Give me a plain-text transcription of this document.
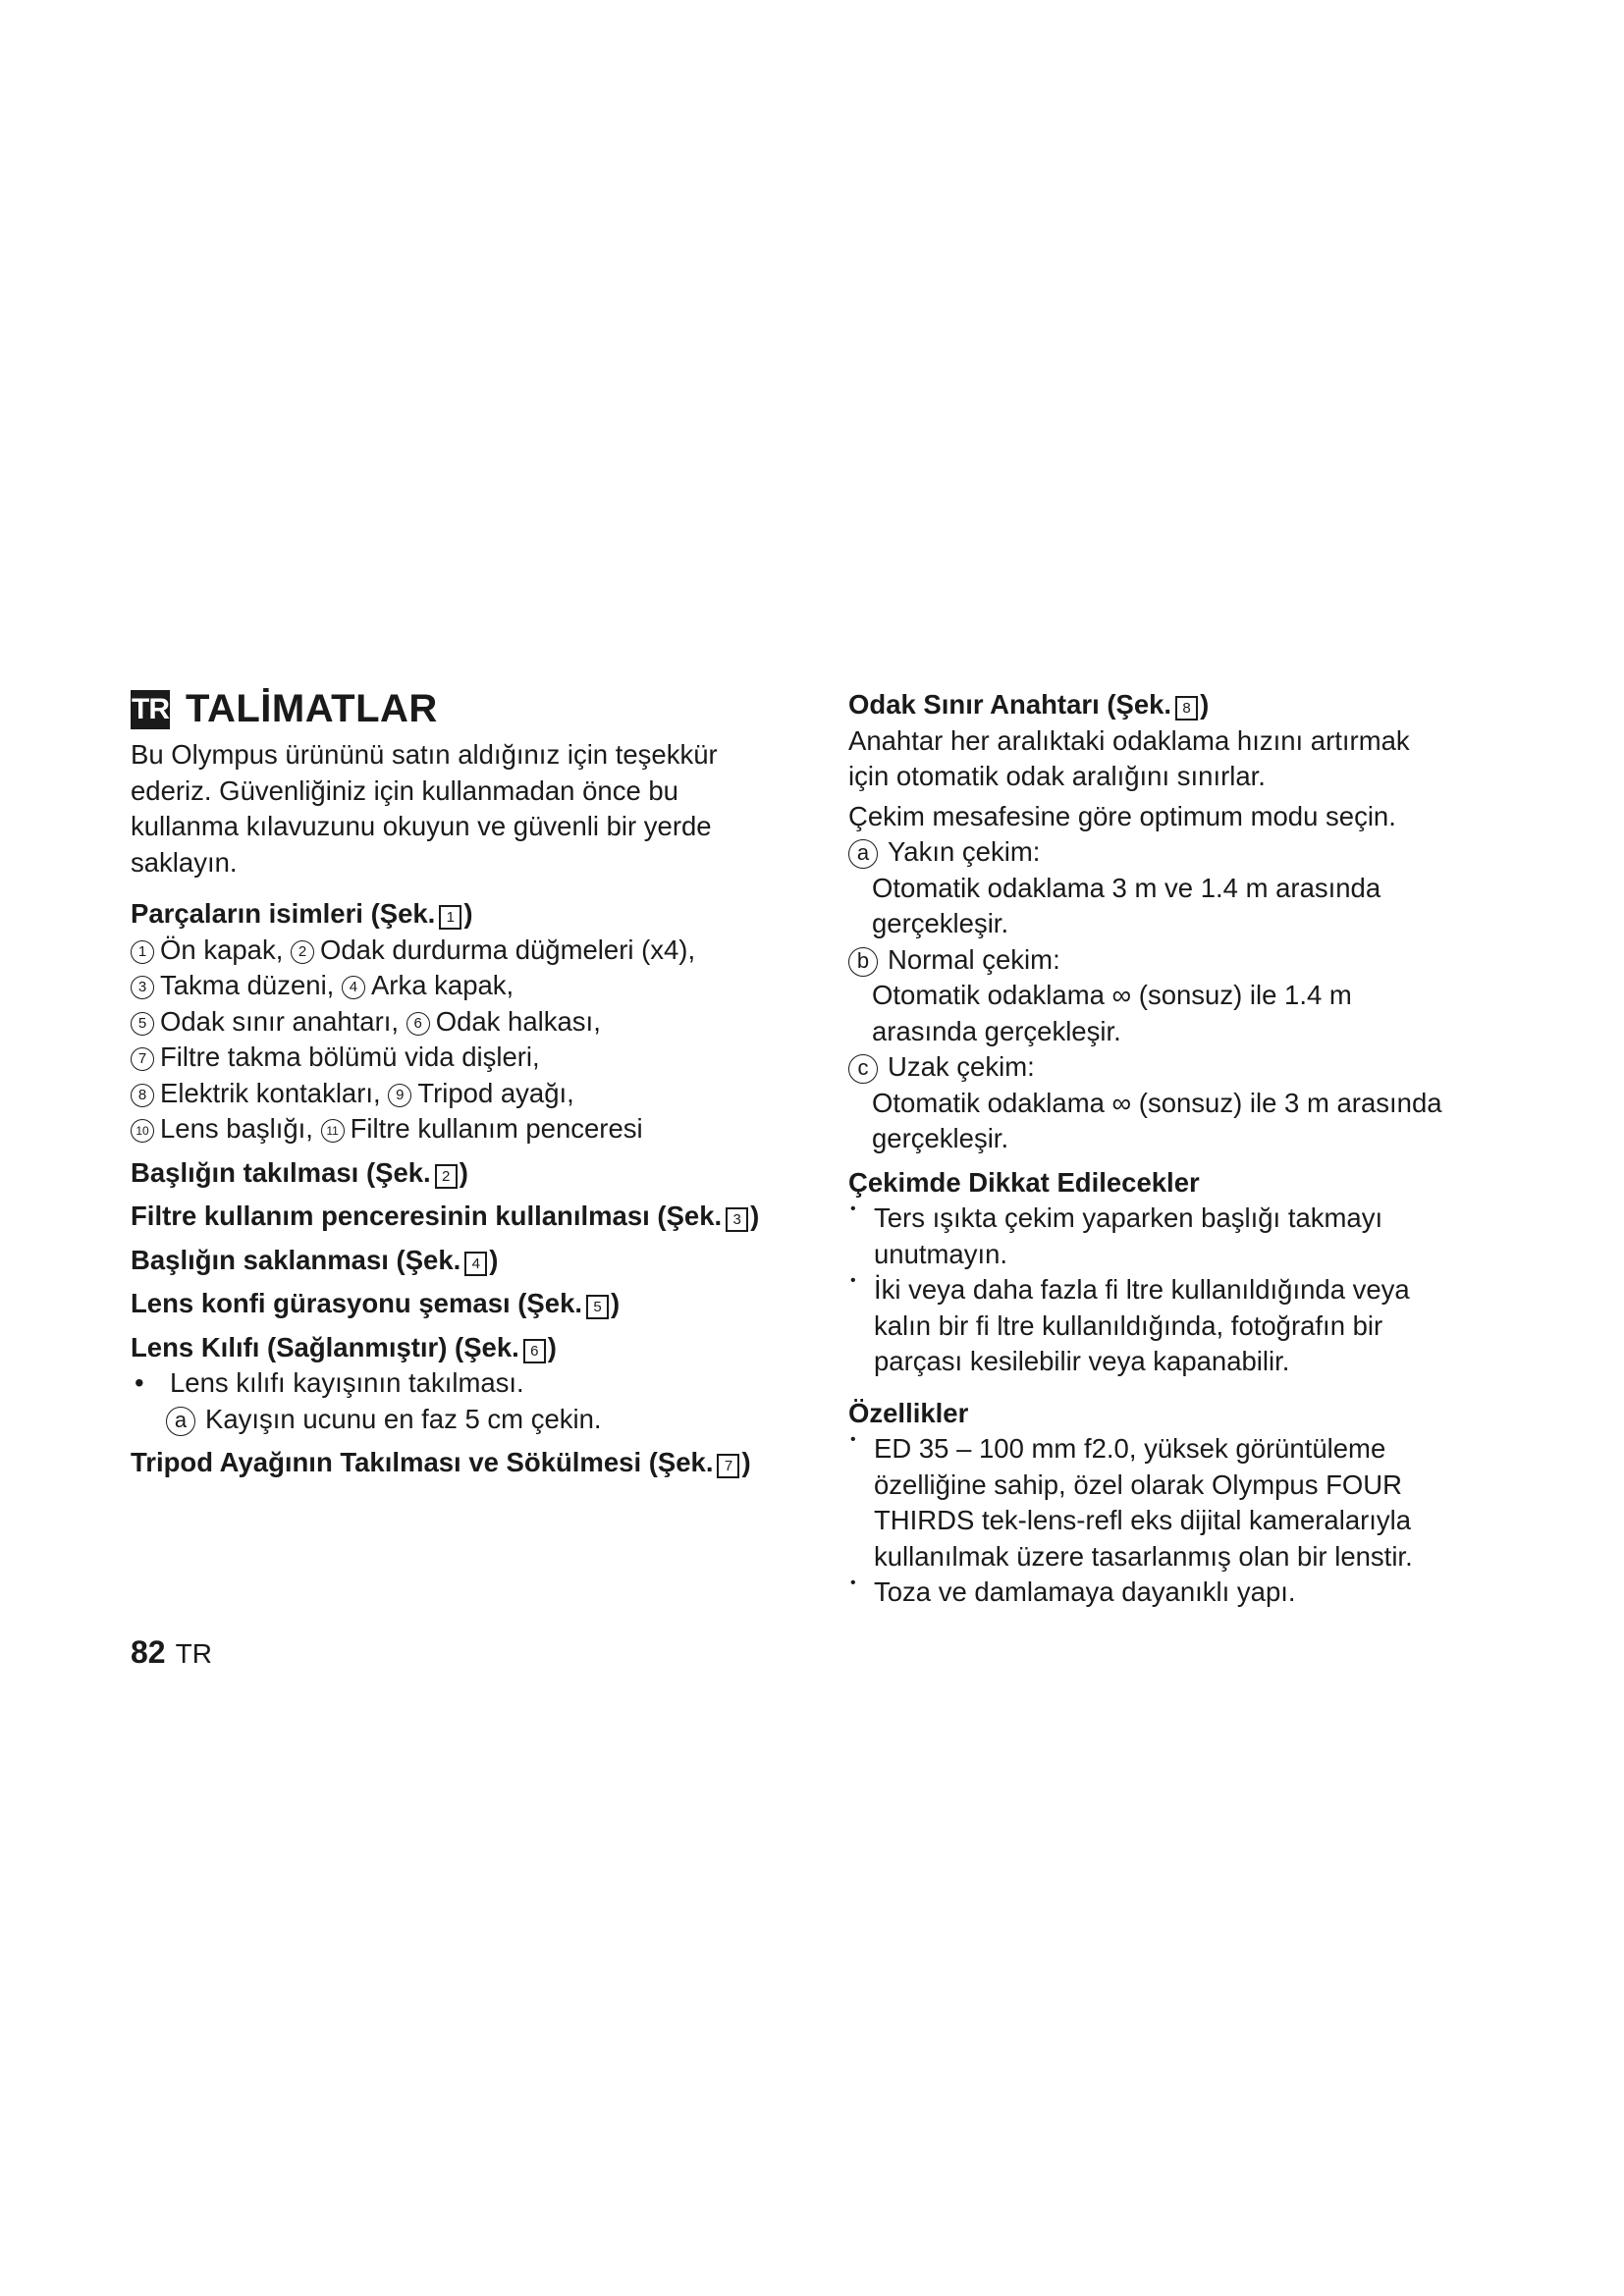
TR TALİMATLAR

Bu Olympus ürününü satın aldığınız için teşekkür

ederiz. Güvenliğiniz için kullanmadan önce bu

kullanma kılavuzunu okuyun ve güvenli bir yerde

saklayın.

Parçaların isimleri (Şek. 1 )

1 Ön kapak, 2 Odak durdurma düğmeleri (x4),

3 Takma düzeni, 4 Arka kapak,

5 Odak sınır anahtarı, 6 Odak halkası,

7 Filtre takma bölümü vida dişleri,

8 Elektrik kontakları, 9 Tripod ayağı,

10 Lens başlığı, 11 Filtre kullanım penceresi

Başlığın takılması (Şek. 2 )
Filtre kullanım penceresinin kullanılması (Şek. 3 )
Başlığın saklanması (Şek. 4 )
Lens konfi gürasyonu şeması (Şek. 5 )
Lens Kılıfı (Sağlanmıştır) (Şek. 6 )

• Lens kılıfı kayışının takılması.

a Kayışın ucunu en faz 5 cm çekin.

Tripod Ayağının Takılması ve Sökülmesi (Şek. 7 )
Odak Sınır Anahtarı (Şek. 8 )

Anahtar her aralıktaki odaklama hızını artırmak

için otomatik odak aralığını sınırlar.

Çekim mesafesine göre optimum modu seçin.

a Yakın çekim:

Otomatik odaklama 3 m ve 1.4 m arasında

gerçekleşir.

b Normal çekim:

Otomatik odaklama ∞ (sonsuz) ile 1.4 m

arasında gerçekleşir.

c Uzak çekim:

Otomatik odaklama ∞ (sonsuz) ile 3 m arasında

gerçekleşir.

Çekimde Dikkat Edilecekler

• Ters ışıkta çekim yaparken başlığı takmayı

unutmayın.

• İki veya daha fazla fi ltre kullanıldığında veya

kalın bir fi ltre kullanıldığında, fotoğrafın bir

parçası kesilebilir veya kapanabilir.

Özellikler

• ED 35 – 100 mm f2.0, yüksek görüntüleme

özelliğine sahip, özel olarak Olympus FOUR

THIRDS tek-lens-refl eks dijital kameralarıyla

kullanılmak üzere tasarlanmış olan bir lenstir.

• Toza ve damlamaya dayanıklı yapı.

82 TR
